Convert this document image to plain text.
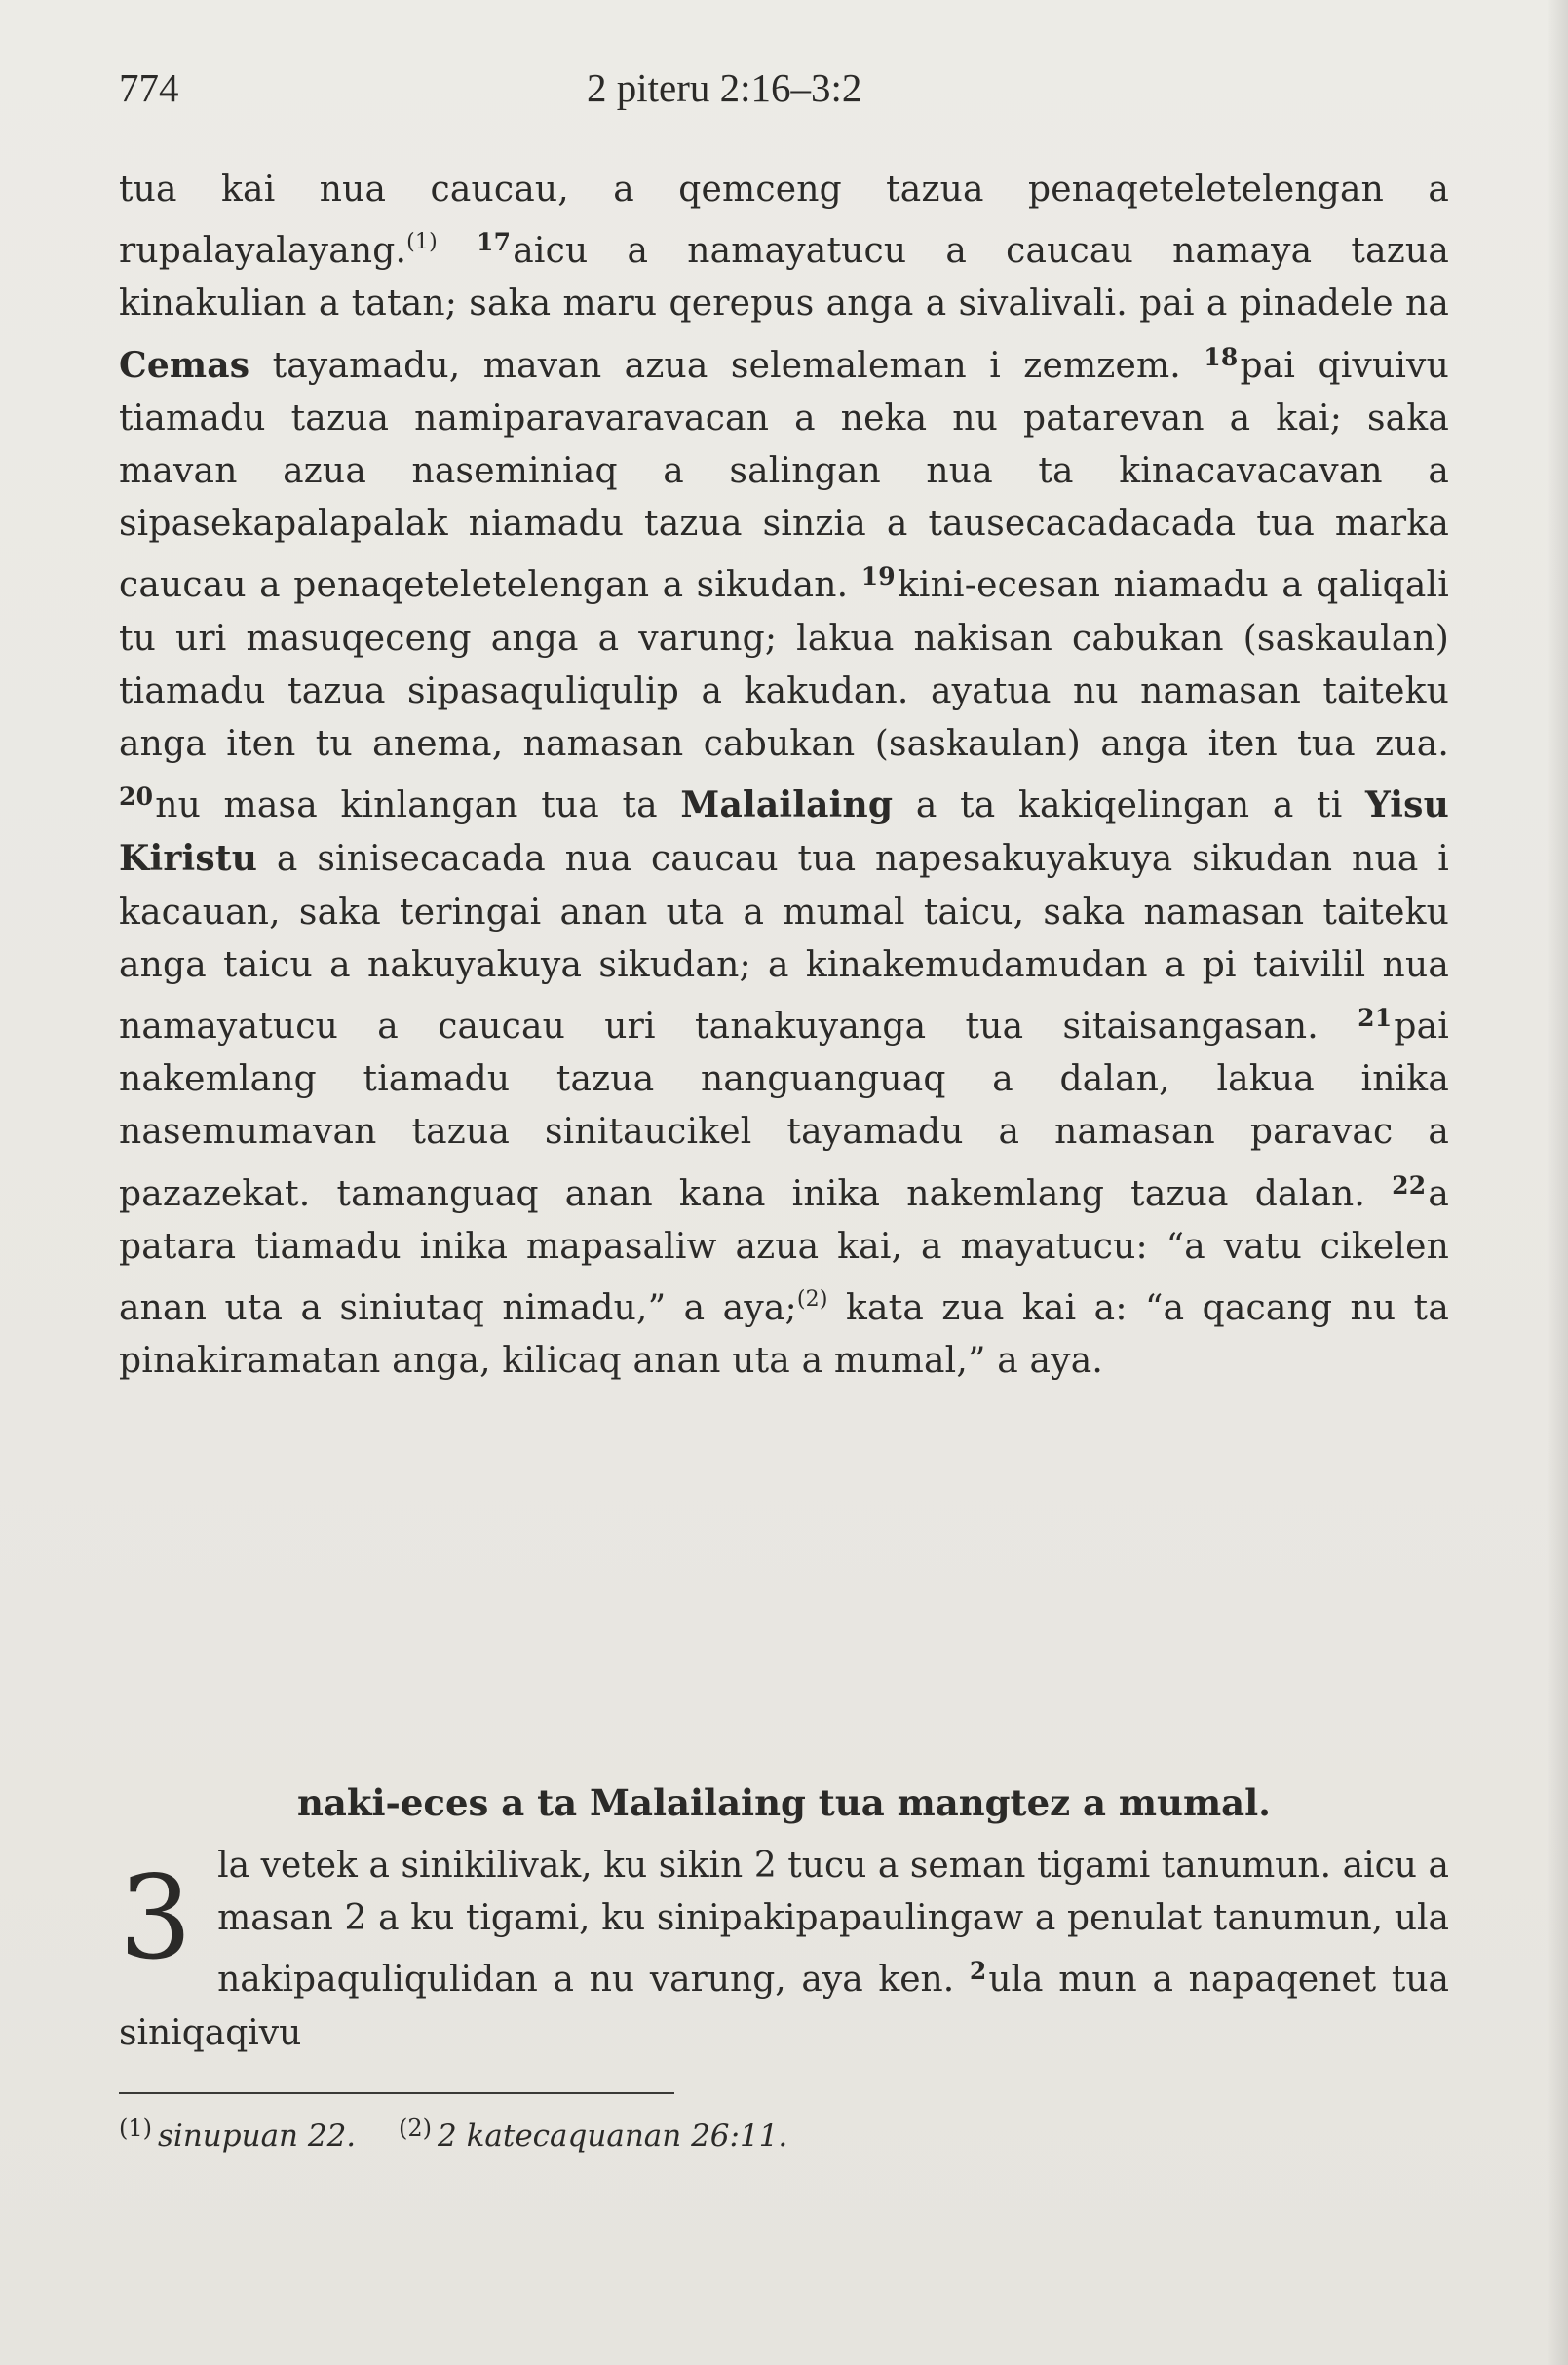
774	2 piteru 2:16–3:2

tua kai nua caucau, a qemceng tazua penaqeteletelengan a rupalayalayang.$^{(1)}$ $^{17}$aicu a namayatucu a caucau namaya tazua kinakulian a tatan; saka maru qerepus anga a sivalivali. pai a pinadele na Cemas tayamadu, mavan azua selemaleman i zemzem. $^{18}$pai qivuivu tiamadu tazua namiparavaravacan a neka nu patarevan a kai; saka mavan azua naseminiaq a salingan nua ta kinacavacavan a sipasekapalapalak niamadu tazua sinzia a tausecacadacada tua marka caucau a penaqeteletelengan a sikudan. $^{19}$kini-ecesan niamadu a qaliqali tu uri masuqeceng anga a varung; lakua nakisan cabukan (saskaulan) tiamadu tazua sipasaquliqulip a kakudan. ayatua nu namasan taiteku anga iten tu anema, namasan cabukan (saskaulan) anga iten tua zua. $^{20}$nu masa kinlangan tua ta Malailaing a ta kakiqelingan a ti Yisu Kiristu a sinisecacada nua caucau tua napesakuyakuya sikudan nua i kacauan, saka teringai anan uta a mumal taicu, saka namasan taiteku anga taicu a nakuyakuya sikudan; a kinakemudamudan a pi taivilil nua namayatucu a caucau uri tanakuyanga tua sitaisangasan. $^{21}$pai nakemlang tiamadu tazua nanguanguaq a dalan, lakua inika nasemumavan tazua sinitaucikel tayamadu a namasan paravac a pazazekat. tamanguaq anan kana inika nakemlang tazua dalan. $^{22}$a patara tiamadu inika mapasaliw azua kai, a mayatucu: “a vatu cikelen anan uta a siniutaq nimadu,” a aya;$^{(2)}$ kata zua kai a: “a qacang nu ta pinakiramatan anga, kilicaq anan uta a mumal,” a aya.

naki-eces a ta Malailaing tua mangtez a mumal.
3 la vetek a sinikilivak, ku sikin 2 tucu a seman tigami tanumun. aicu a masan 2 a ku tigami, ku sinipakipapaulingaw a penulat tanumun, ula nakipaquliqulidan a nu varung, aya ken. $^2$ula mun a napaqenet tua siniqaqivu
$^{(1)}$ sinupuan 22. $^{(2)}$ 2 katecaquanan 26:11.
